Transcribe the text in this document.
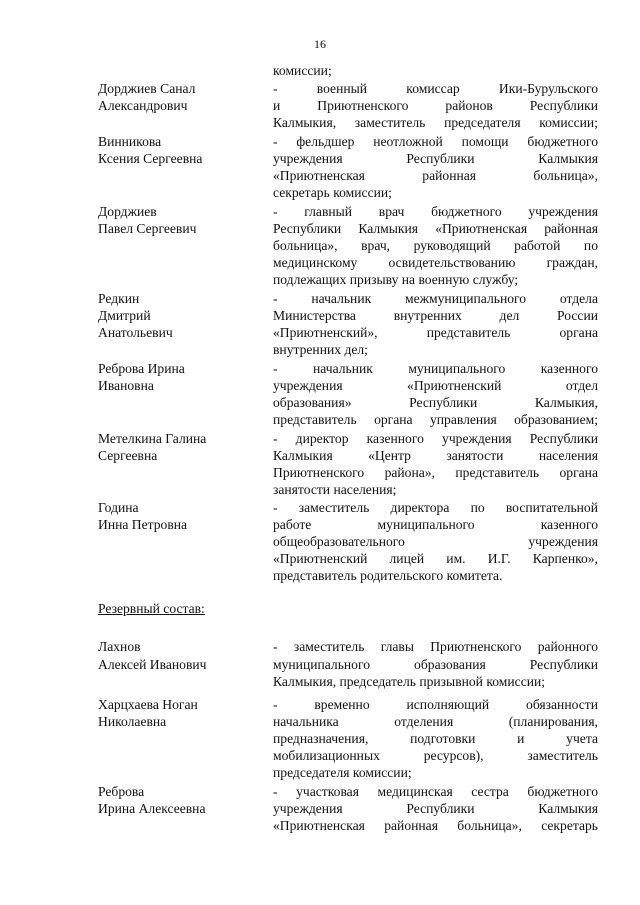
16
Дорджиев Санал
Александрович
Винникова
Ксения Сергеевна
Дорджиев
Павел Сергеевич
Редкин
Дмитрий
Анатольевич
Реброва Ирина
Ивановна
Метелкина Галина
Сергеевна
Година
Инна Петровна
Лахнов
Алексей Иванович
Харцхаева Ноган
Николаевна
Реброва
Ирина Алексеевна
комиссии;
- военный комиссар Ики-Бурульского
и Приютненского районов Республики
Калмыкия, заместитель председателя комиссии;
- фельдшер неотложной помощи бюджетного
учреждения Республики Калмыкия
«Приютненская районная больница»,
секретарь комиссии;
- главный врач бюджетного учреждения
Республики Калмыкия «Приютненская районная
больница», врач, руководящий работой по
медицинскому освидетельствованию граждан,
подлежащих призыву на военную службу;
- начальник межмуниципального отдела
Министерства внутренних дел России
«Приютненский», представитель органа
внутренних дел;
- начальник муниципального казенного
учреждения «Приютненский отдел
образования» Республики Калмыкия,
представитель органа управления образованием;
- директор казенного учреждения Республики
Калмыкия «Центр занятости населения
Приютненского района», представитель органа
занятости населения;
- заместитель директора по воспитательной
работе муниципального казенного
общеобразовательного учреждения
«Приютненский лицей им. И.Г. Карпенко»,
представитель родительского комитета.
- заместитель главы Приютненского районного
муниципального образования Республики
Калмыкия, председатель призывной комиссии;
- временно исполняющий обязанности
начальника отделения (планирования,
предназначения, подготовки и учета
мобилизационных ресурсов), заместитель
председателя комиссии;
- участковая медицинская сестра бюджетного
учреждения Республики Калмыкия
«Приютненская районная больница», секретарь
Резервный состав:
